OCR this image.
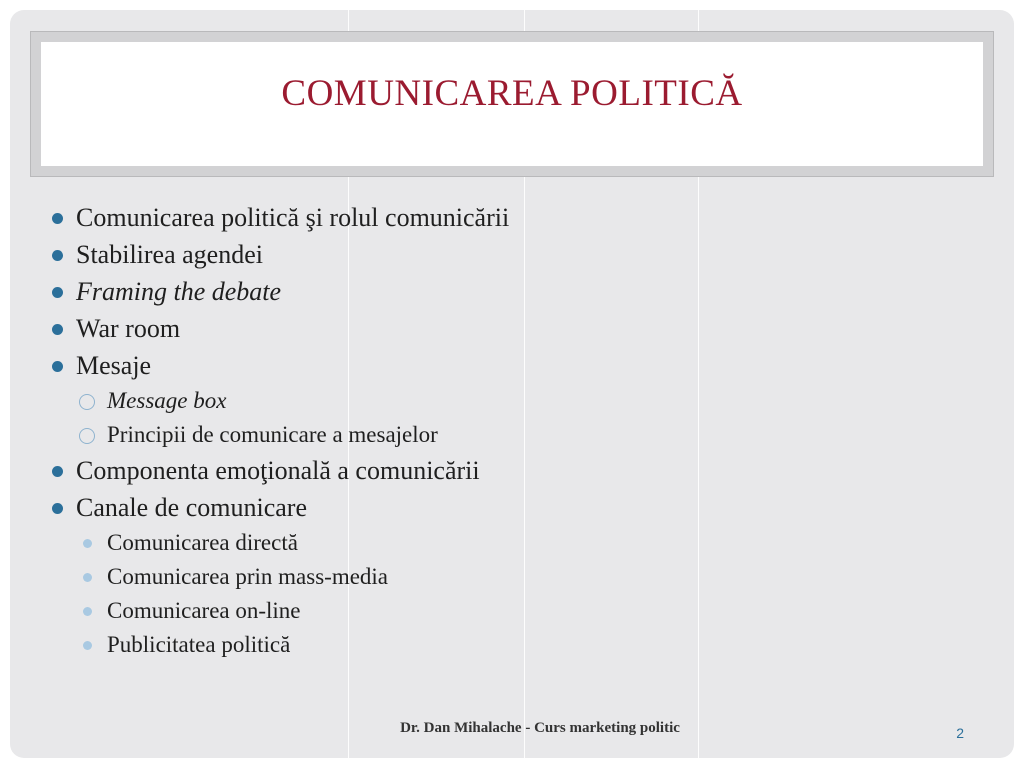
COMUNICAREA POLITICĂ
Comunicarea politică şi rolul comunicării
Stabilirea agendei
Framing the debate
War room
Mesaje
Message box
Principii de comunicare a mesajelor
Componenta emoţională a comunicării
Canale de comunicare
Comunicarea directă
Comunicarea prin mass-media
Comunicarea on-line
Publicitatea politică
Dr. Dan Mihalache - Curs marketing politic	2
